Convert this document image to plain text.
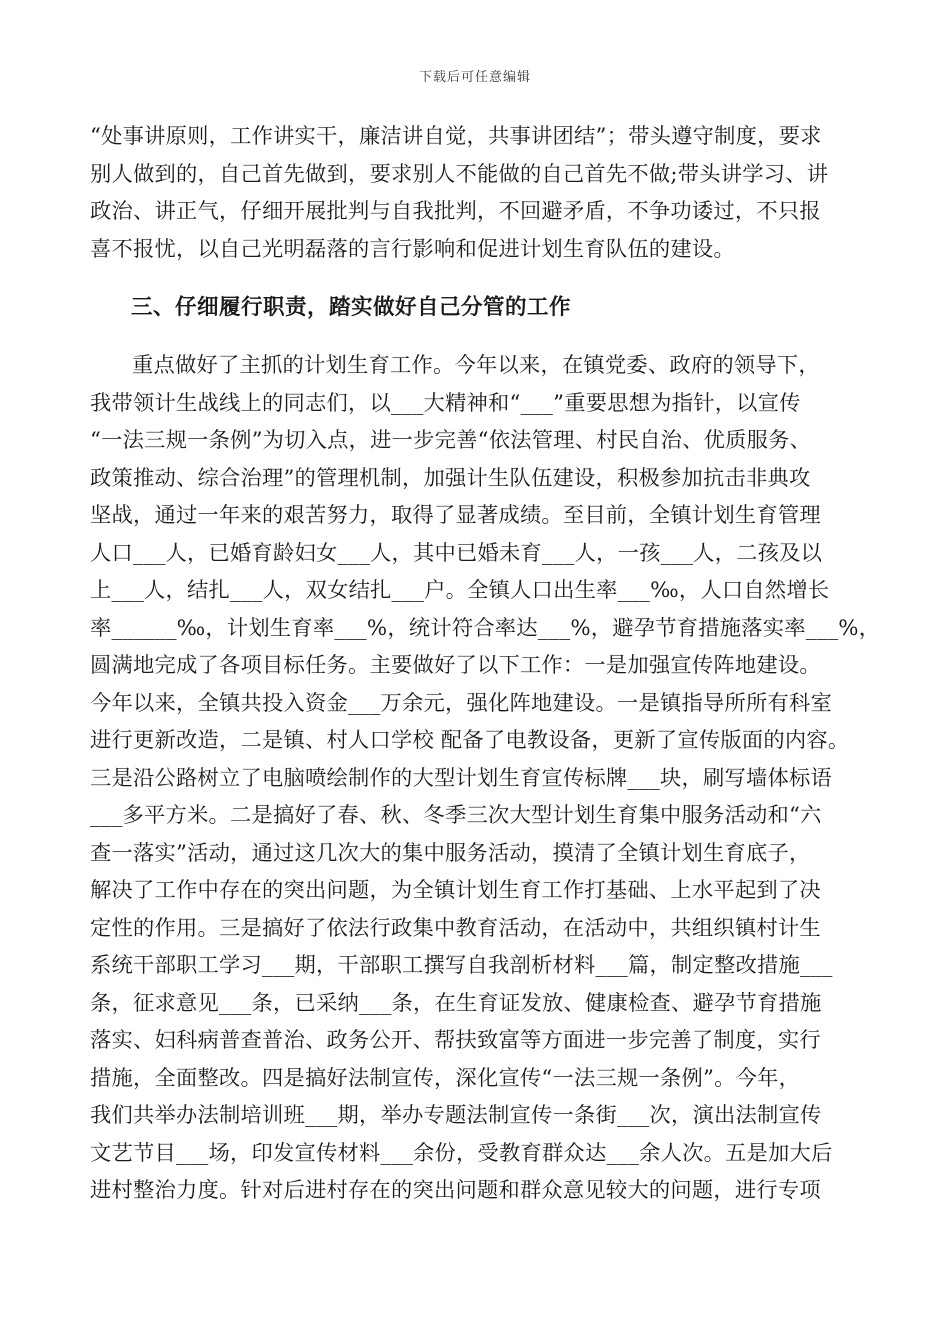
下载后可任意编辑
“处事讲原则，工作讲实干，廉洁讲自觉，共事讲团结”；带头遵守制度，要求
别人做到的，自己首先做到，要求别人不能做的自己首先不做;带头讲学习、讲
政治、讲正气，仔细开展批判与自我批判，不回避矛盾，不争功诿过，不只报
喜不报忧，以自己光明磊落的言行影响和促进计划生育队伍的建设。
三、仔细履行职责，踏实做好自己分管的工作
重点做好了主抓的计划生育工作。今年以来，在镇党委、政府的领导下，
我带领计生战线上的同志们，以___大精神和“___”重要思想为指针，以宣传
“一法三规一条例”为切入点，进一步完善“依法管理、村民自治、优质服务、
政策推动、综合治理”的管理机制，加强计生队伍建设，积极参加抗击非典攻
坚战，通过一年来的艰苦努力，取得了显著成绩。至目前，全镇计划生育管理
人口___人，已婚育龄妇女___人，其中已婚未育___人，一孩___人，二孩及以
上___人，结扎___人，双女结扎___户。全镇人口出生率___‰，人口自然增长
率______‰，计划生育率___%，统计符合率达___%，避孕节育措施落实率___%，
圆满地完成了各项目标任务。主要做好了以下工作：一是加强宣传阵地建设。
今年以来，全镇共投入资金___万余元，强化阵地建设。一是镇指导所所有科室
进行更新改造，二是镇、村人口学校 配备了电教设备，更新了宣传版面的内容。
三是沿公路树立了电脑喷绘制作的大型计划生育宣传标牌___块，刷写墙体标语
___多平方米。二是搞好了春、秋、冬季三次大型计划生育集中服务活动和“六
查一落实”活动，通过这几次大的集中服务活动，摸清了全镇计划生育底子，
解决了工作中存在的突出问题，为全镇计划生育工作打基础、上水平起到了决
定性的作用。三是搞好了依法行政集中教育活动，在活动中，共组织镇村计生
系统干部职工学习___期，干部职工撰写自我剖析材料___篇，制定整改措施___
条，征求意见___条，已采纳___条，在生育证发放、健康检查、避孕节育措施
落实、妇科病普查普治、政务公开、帮扶致富等方面进一步完善了制度，实行
措施，全面整改。四是搞好法制宣传，深化宣传“一法三规一条例”。今年，
我们共举办法制培训班___期，举办专题法制宣传一条街___次，演出法制宣传
文艺节目___场，印发宣传材料___余份，受教育群众达___余人次。五是加大后
进村整治力度。针对后进村存在的突出问题和群众意见较大的问题，进行专项
